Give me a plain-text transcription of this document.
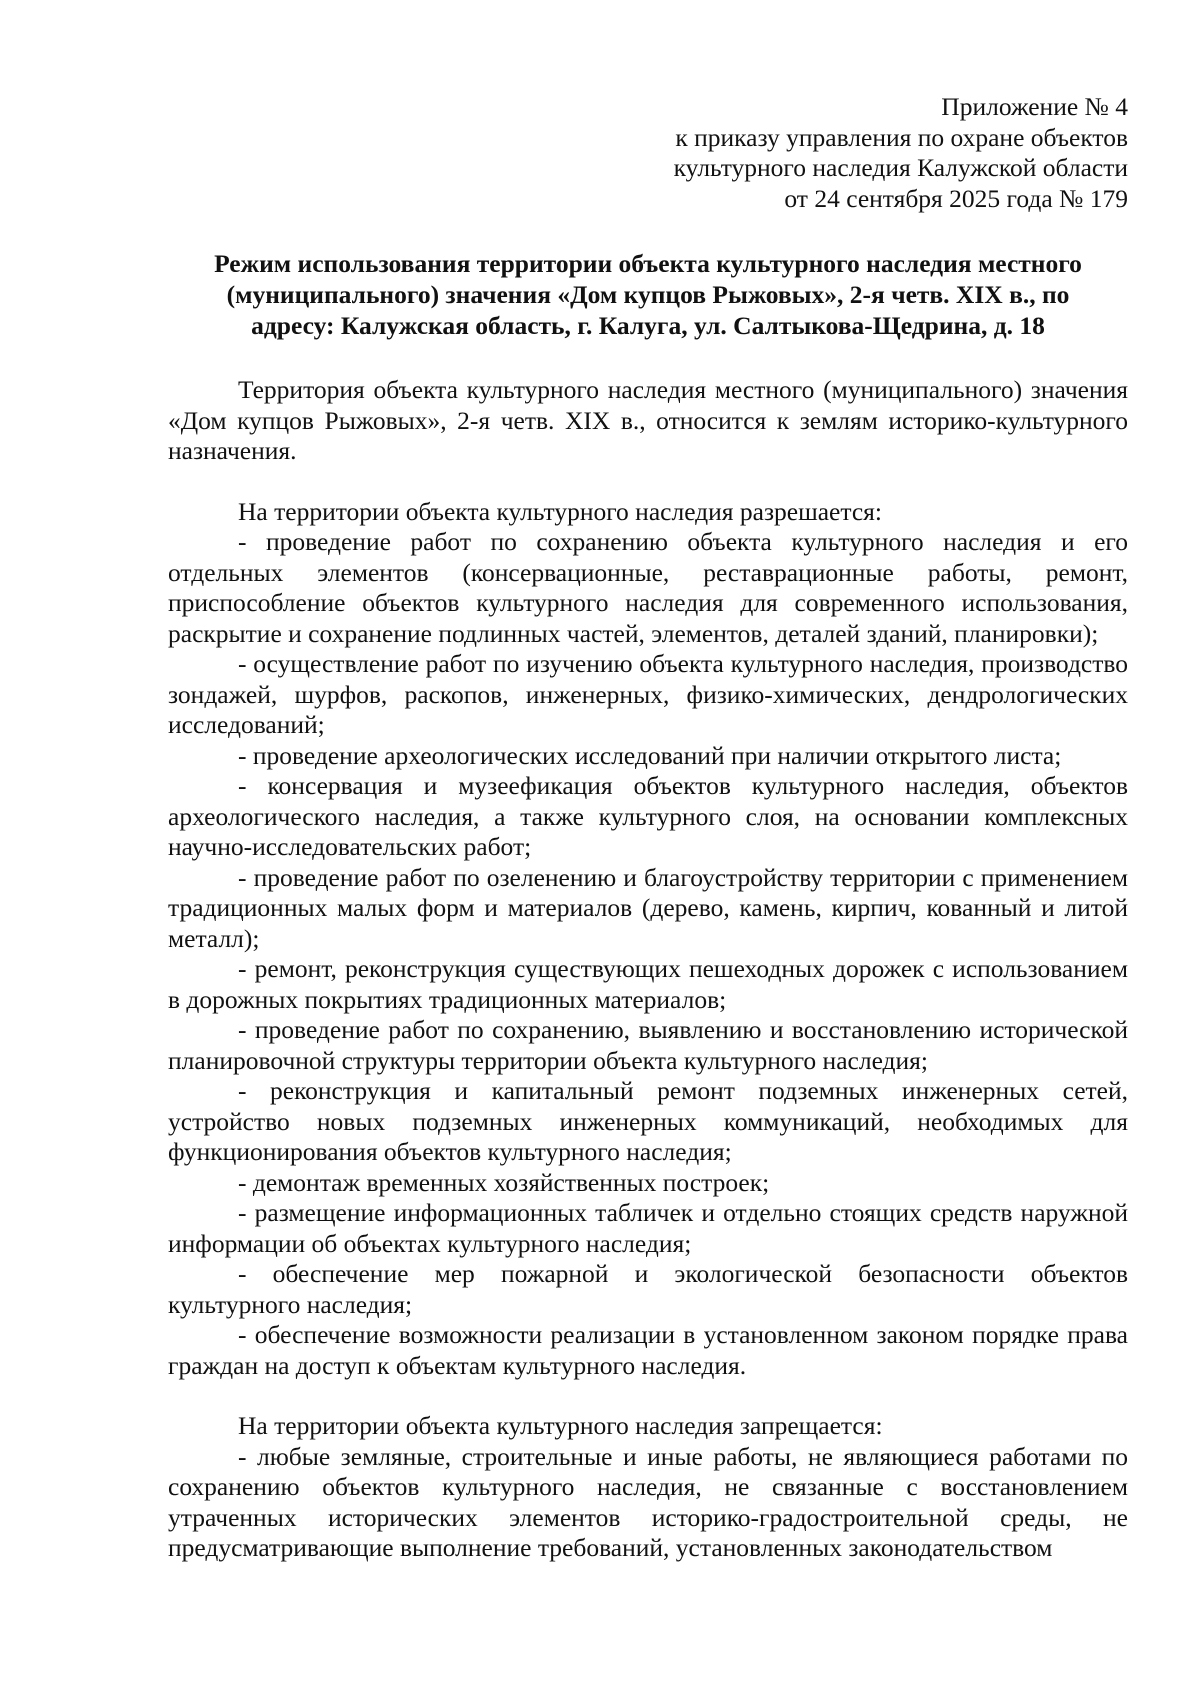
Приложение № 4
к приказу управления по охране объектов
культурного наследия Калужской области
от 24 сентября 2025 года № 179
Режим использования территории объекта культурного наследия местного
(муниципального) значения «Дом купцов Рыжовых», 2-я четв. XIX в., по
адресу: Калужская область, г. Калуга, ул. Салтыкова-Щедрина, д. 18

Территория объекта культурного наследия местного (муниципального) значения «Дом купцов Рыжовых», 2-я четв. XIX в., относится к землям историко-культурного назначения.

На территории объекта культурного наследия разрешается:

- проведение работ по сохранению объекта культурного наследия и его отдельных элементов (консервационные, реставрационные работы, ремонт, приспособление объектов культурного наследия для современного использования, раскрытие и сохранение подлинных частей, элементов, деталей зданий, планировки);

- осуществление работ по изучению объекта культурного наследия, производство зондажей, шурфов, раскопов, инженерных, физико-химических, дендрологических исследований;

- проведение археологических исследований при наличии открытого листа;

- консервация и музеефикация объектов культурного наследия, объектов археологического наследия, а также культурного слоя, на основании комплексных научно-исследовательских работ;

- проведение работ по озеленению и благоустройству территории с применением традиционных малых форм и материалов (дерево, камень, кирпич, кованный и литой металл);

- ремонт, реконструкция существующих пешеходных дорожек с использованием в дорожных покрытиях традиционных материалов;

- проведение работ по сохранению, выявлению и восстановлению исторической планировочной структуры территории объекта культурного наследия;

- реконструкция и капитальный ремонт подземных инженерных сетей, устройство новых подземных инженерных коммуникаций, необходимых для функционирования объектов культурного наследия;

- демонтаж временных хозяйственных построек;

- размещение информационных табличек и отдельно стоящих средств наружной информации об объектах культурного наследия;

- обеспечение мер пожарной и экологической безопасности объектов культурного наследия;

- обеспечение возможности реализации в установленном законом порядке права граждан на доступ к объектам культурного наследия.

На территории объекта культурного наследия запрещается:

- любые земляные, строительные и иные работы, не являющиеся работами по сохранению объектов культурного наследия, не связанные с восстановлением утраченных исторических элементов историко-градостроительной среды, не предусматривающие выполнение требований, установленных законодательством
